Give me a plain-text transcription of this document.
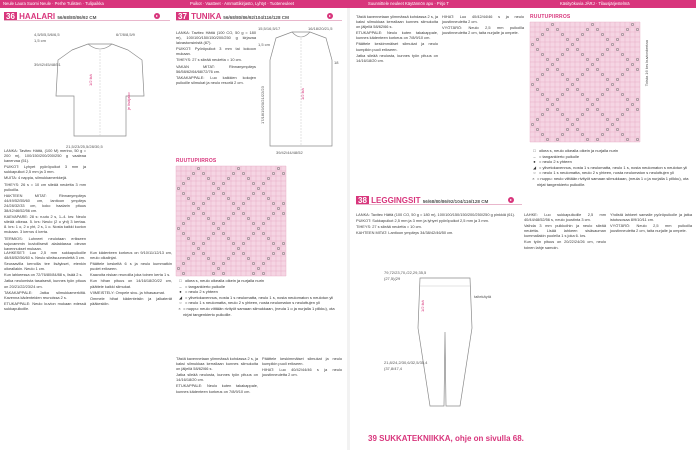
Neule Laura Suomi Neule · Perhe Tulisten · Tulipaikka	Puikot · Vaatteet · Ammattikirjasto, Lyhtyt · Tuoteneuleet	Suunnittele neuleet Käytännön apu · Pirjo T	Käsityökuvia JÄRJ · Tilausjärjestelmä
36 HAALARI 56/68/80/86/92 CM	▸
4,5/5/5,5/6/6,5
1,5 cm
6/7/8/8,5/9
39/42/45/48/51
21,5/23/25,5/28/30,5
1/2 ikä
je lisäjako

LANKA: Tavitec Hättä, (100 M) merino, 50 g = 200 m), 100/150/200/200/250 g vaaleaa kanervaa (51).

PUIKOT: Lyhyet pyöröpuikot 3 mm ja sukkapuikot 2,5 mm ja 3 mm.

MUITA: 4 nappia, silmukkamerkkejä.

TIHEYS: 26 s = 10 cm sileää neuletta 3 mm puikoilla.

HAKTEEN MITAT: Rinnanympärys 44/49/52/55/60 cm, lantioon ympärys 24/28/32/33 cm, koko haalarin pituus 38/42/46/52/56 cm.

KAEVAPARE: 28 s: ruutu 2 s, 1–4. krs: Neulo sileää oikeaa. 5. krs: Neulo (2 o yht) 3 kertaa. 8. krs: 1 o, 2 o yht, 2 s, 1 o. Nosta kaikki kuvion mukaan. 3 kerros 4 kerta.

TERMIOS: Luhneet neulotaan erikseen sujuvammin kuviollisesti alalaidassa olevan kavennukset mukaan.

LAHKESET: Luo 2,5 mm sukkapuikoille 48/48/52/56/60 s. Neulo sileäsuuneulettä 3 cm.

Seuraavilla kerroilla tee lisäykset, etenkin oikeallakin. Neulo 1 cm.

Kun lahkeessa on 72/76/80/84/88 s, lisää 2 s.

Jatka neulomista tasaisesti, kunnes työn pituus on 20/21/22/23/24 cm.

TAKAKAPPALE: Jatka silmukkamerkiltä. Kavenna kädenteiden reunoissa 2 s.

ETUKAPPALE: Neulo kuvion mukaan edessä sukkapuikoille.

Kun kädenteen korkeus on 9/10/11/12/13 cm, neulo olkalinjat.

Päättele keskeltä 6 s ja neulo kummatkin puolet erikseen.

Kaavoita niskan reunoilla joka toinen kerta 1 s.

Kun hihan pituus on 14/16/18/20/22 cm, päättele kaikki silmukat.

VIIMEISTELY: Ompele sivu- ja hihasaumat.

Ommele hihat kädenteisiin ja jalkaterät pääkeskiin.

37 TUNIKA 56/68/80/86/92/104/116/128 CM	▸

LANKA: Tavitec Hättä (100 CO, 50 g = 180 m), 100/100/150/150/200/250 g kirjavaa laivastonsinistä (87).

PUIKOT: Pyöröpuikot 3 mm tai kokoon mukaan.

TIHEYS: 27 s sileää neuletta = 10 cm.

VAKAN MITAT: Rinnanympärys 56/58/62/64/68/72/76 cm.

TAKAKAPPALE: Luo kaikkien kokojen puikoille silmukat ja neulo resoriä 2 cm.

15,5/16,5/17	16/18/20/21,5
1,5 cm
18
39/42/44/48/52
17/18/19/20/21/22/23	1/2 ikä
RUUTUPIIRROS
□ oikea s, neulo oikealla oikein ja nurjalla nurin
– = tangankierto puikolle
● = neulo 2 s yhteen
◢ = ylivetokavennus, nosta 1 s neulomatta, neulo 1 s, nosta neulomaton s neulotun yli
○ = neulo 1 s neulomatta, neulo 2 s yhteen, nosta neulomaton s neulottujen yli
× = nuppu: neulo viittään rivityöt samaan silmukkaan, (neula 1 o ja nurjalla 1 pilkku), ota nirjat tangenkierto puikoille.

Tästä kavennetaan ylimmässä kohdassa 2 s, ja kaksi silmukkaa kerrallaan kunnes silmukoita on jäljellä 58/62/66 s.

Jatka sileää neulosta, kunnes työn pituus on 14/16/18/20 cm.

ETUKAPPALE: Neulo kuten takakappale, kunnes kädenteen korkeus on 7/8/9/10 cm.

Päättele keskimmäiset silmukat ja neulo kumpikin puoli erikseen.

HIHAT: Luo 40/42/44/46 s ja neulo joustinneuletta 2 cm.

Tästä kavennetaan ylimmässä kohdassa 2 s, ja kaksi silmukkaa kerrallaan kunnes silmukoita on jäljellä 58/62/66 s.

ETUKAPPALE: Neulo kuten takakappale, kunnes kädenteen korkeus on 7/8/9/10 cm.

Päättele keskimmäiset silmukat ja neulo kumpikin puoli erikseen.

Jatka sileää neulosta, kunnes työn pituus on 14/16/18/20 cm.

HIHAT: Luo 40/42/44/46 s ja neulo joustinneuletta 2 cm.

VYÖTÄRÖ: Neulo 2,5 mm puikoilla joustinneuletta 2 cm, taita nurjalle ja ompele.

RUUTUPIIRROS
Toista 16 krs kuvionkertaa
□ oikea s, neulo oikealla oikein ja nurjalla nurin
– = tangankierto puikolle
● = neulo 2 s yhteen
◢ = ylivetokavennus, nosta 1 s neulomatta, neulo 1 s, nosta neulomaton s neulotun yli
○ = neulo 1 s neulomatta, neulo 2 s yhteen, nosta neulomaton s neulottujen yli
× = nuppu: neulo viittään rivityöt samaan silmukkaan, (neula 1 o ja nurjalla 1 pilkku), ota nirjat tangenkierto puikoille.
38 LEGGINGSIT 56/68/80/86/92/104/116/128 CM	▸

LANKA: Tavitec Hättä (100 CO, 50 g = 180 m), 100/100/150/150/200/250/250 g pinkkiä (61).

PUIKOT: Sukkapuikot 2,5 mm ja 3 mm ja lyhyet pyöröpuikot 2,5 mm ja 3 mm.

TIHEYS: 27 s sileää neuletta = 10 cm.

KAHTEEN MITAT: Lantioon ympärys 34/38/42/46/50 cm.

79,72/23,70,/22,29,35,5
(27,5)(29
1/2 ikä
taitekäytä
21,8/24,2/30,6/32,5/35,4
(37,8/47,4

LAHKE: Luo sukkapuikoille 2,5 mm 40/44/48/52/56 s, neulo joustinta 3 cm.

Vaihda 3 mm puikkoihin ja neulo sileää neuletta. Lisää lahkeen sisäsauman kummallakin puolella 1 s joka 6. krs.

Kun työn pituus on 20/22/24/26 cm, neulo toinen lahje samoin.

Yhdistä lahkeet samalle pyöröpuikolle ja jatka istutusosaa 8/9/10/11 cm.

VYÖTÄRÖ: Neulo 2,5 mm puikoilla joustinneuletta 2 cm, taita nurjalle ja ompele.

39 SUKKATEKNIIKKA, ohje on sivulla 68.
